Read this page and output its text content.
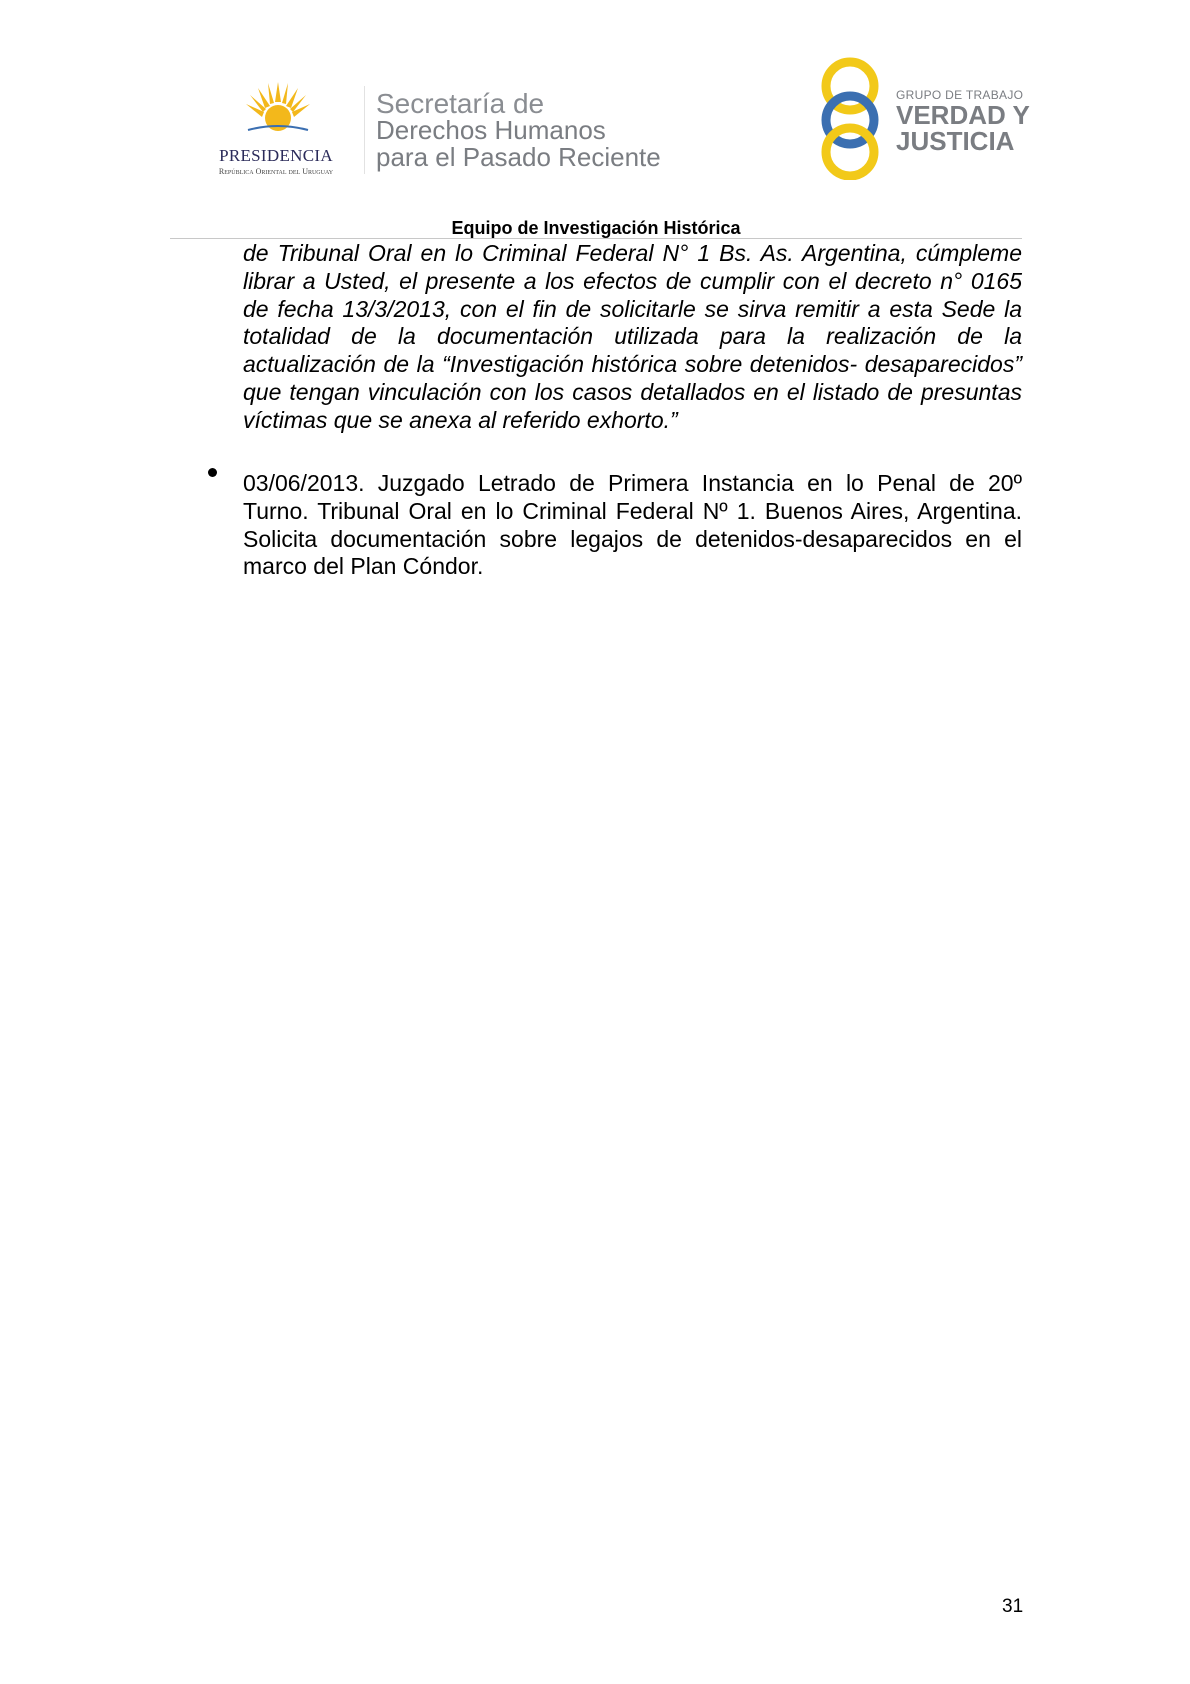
PRESIDENCIA
República Oriental del Uruguay
Secretaría de
Derechos Humanos
para el Pasado Reciente
GRUPO DE TRABAJO
VERDAD Y
JUSTICIA
Equipo de Investigación Histórica

de Tribunal Oral en lo Criminal Federal N° 1 Bs. As. Argentina, cúmpleme librar a Usted, el presente a los efectos de cumplir con el decreto n° 0165 de fecha 13/3/2013, con el fin de solicitarle se sirva remitir a esta Sede la totalidad de la documentación utilizada para la realización de la actualización de la “Investigación histórica sobre detenidos- desaparecidos” que tengan vinculación con los casos detallados en el listado de presuntas víctimas que se anexa al referido exhorto.”

03/06/2013. Juzgado Letrado de Primera Instancia en lo Penal de 20º Turno. Tribunal Oral en lo Criminal Federal Nº 1. Buenos Aires, Argentina. Solicita documentación sobre legajos de detenidos-desaparecidos en el marco del Plan Cóndor.

31
